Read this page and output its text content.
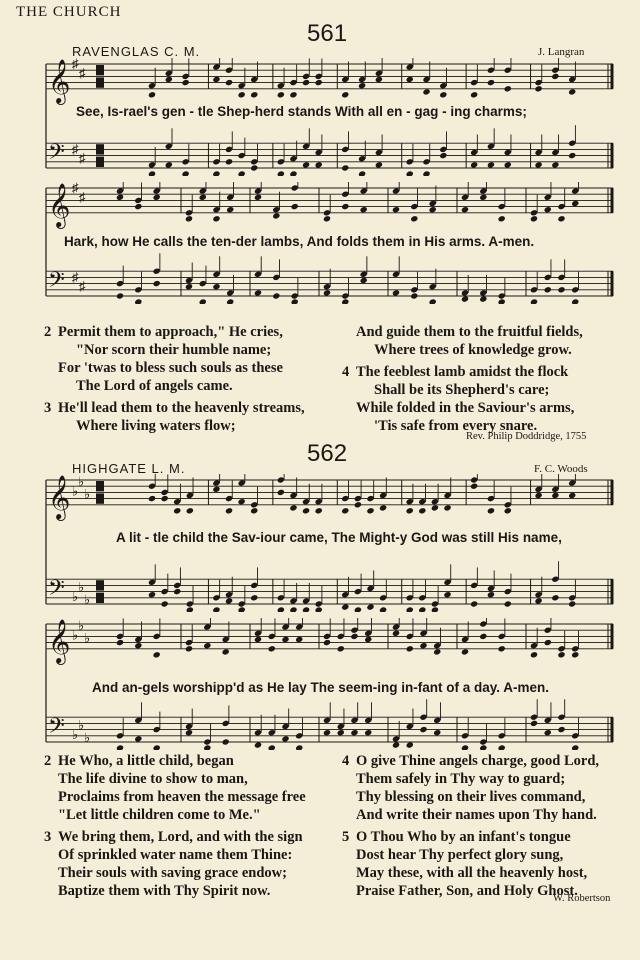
THE CHURCH
561
RAVENGLAS C. M.	J. Langran
𝄞 ♯
♯
𝄢 ♯
♯
See, Is-rael's gen - tle Shep-herd stands With all en - gag - ing charms;
𝄞 ♯
♯
𝄢 ♯
♯
Hark, how He calls the ten-der lambs, And folds them in His arms. A-men.
2 Permit them to approach," He cries,
"Nor scorn their humble name;
For 'twas to bless such souls as these
The Lord of angels came.
3 He'll lead them to the heavenly streams,
Where living waters flow;
And guide them to the fruitful fields,
Where trees of knowledge grow.
4 The feeblest lamb amidst the flock
Shall be its Shepherd's care;
While folded in the Saviour's arms,
'Tis safe from every snare.
Rev. Philip Doddridge, 1755
562
HIGHGATE L. M.	F. C. Woods
𝄞 ♭
♭
♭
𝄢 ♭
♭
♭
A lit - tle child the Sav-iour came, The Might-y God was still His name,
𝄞 ♭
♭
♭
𝄢 ♭
♭
♭
And an-gels worshipp'd as He lay The seem-ing in-fant of a day. A-men.
2 He Who, a little child, began
The life divine to show to man,
Proclaims from heaven the message free
"Let little children come to Me."
3 We bring them, Lord, and with the sign
Of sprinkled water name them Thine:
Their souls with saving grace endow;
Baptize them with Thy Spirit now.
4 O give Thine angels charge, good Lord,
Them safely in Thy way to guard;
Thy blessing on their lives command,
And write their names upon Thy hand.
5 O Thou Who by an infant's tongue
Dost hear Thy perfect glory sung,
May these, with all the heavenly host,
Praise Father, Son, and Holy Ghost.
W. Robertson
